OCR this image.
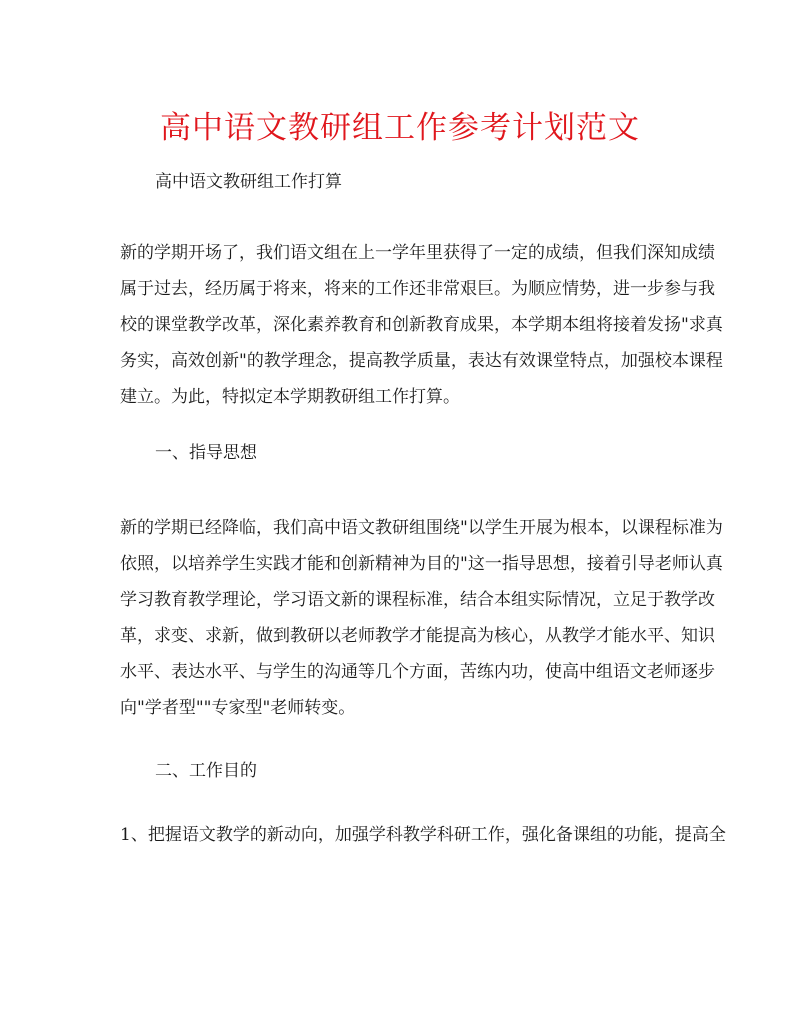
高中语文教研组工作参考计划范文

高中语文教研组工作打算

新的学期开场了，我们语文组在上一学年里获得了一定的成绩，但我们深知成绩
属于过去，经历属于将来，将来的工作还非常艰巨。为顺应情势，进一步参与我
校的课堂教学改革，深化素养教育和创新教育成果，本学期本组将接着发扬"求真
务实，高效创新"的教学理念，提高教学质量，表达有效课堂特点，加强校本课程
建立。为此，特拟定本学期教研组工作打算。

一、指导思想

新的学期已经降临，我们高中语文教研组围绕"以学生开展为根本，以课程标准为
依照，以培养学生实践才能和创新精神为目的"这一指导思想，接着引导老师认真
学习教育教学理论，学习语文新的课程标准，结合本组实际情况，立足于教学改
革，求变、求新，做到教研以老师教学才能提高为核心，从教学才能水平、知识
水平、表达水平、与学生的沟通等几个方面，苦练内功，使高中组语文老师逐步
向"学者型""专家型"老师转变。

二、工作目的

1、把握语文教学的新动向，加强学科教学科研工作，强化备课组的功能，提高全
